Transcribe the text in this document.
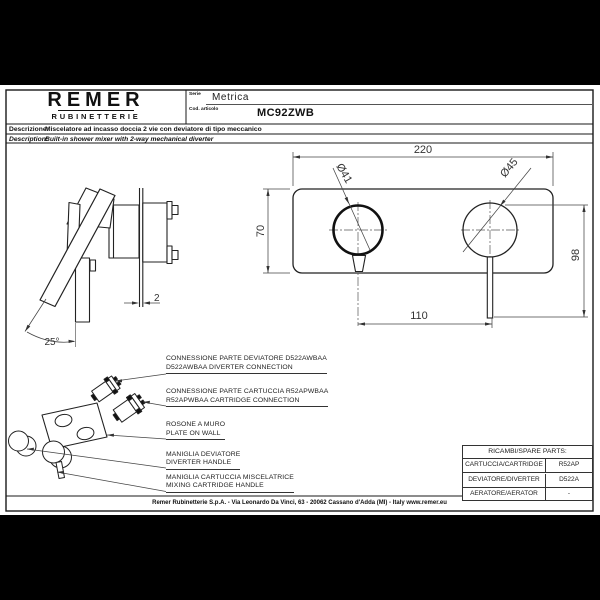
2
25°
220
70
110
98
Ø41	Ø45
REMER
RUBINETTERIE
Serie Metrica
Cod. articolo	MC92ZWB
Descrizione:Miscelatore ad incasso doccia 2 vie con deviatore di tipo meccanico
Description:Built-in shower mixer with 2-way mechanical diverter
CONNESSIONE PARTE DEVIATORE D522AWBAA
D522AWBAA DIVERTER CONNECTION
CONNESSIONE PARTE CARTUCCIA R52APWBAA
R52APWBAA CARTRIDGE CONNECTION
ROSONE A MURO
PLATE ON WALL
MANIGLIA DEVIATORE
DIVERTER HANDLE
MANIGLIA CARTUCCIA MISCELATRICE
MIXING CARTRIDGE HANDLE
RICAMBI/SPARE PARTS:
CARTUCCIA/CARTRIDGE	R52AP
DEVIATORE/DIVERTER	D522A
AERATORE/AERATOR	-
Remer Rubinetterie S.p.A. - Via Leonardo Da Vinci, 63 - 20062 Cassano d'Adda (MI) - Italy www.remer.eu
